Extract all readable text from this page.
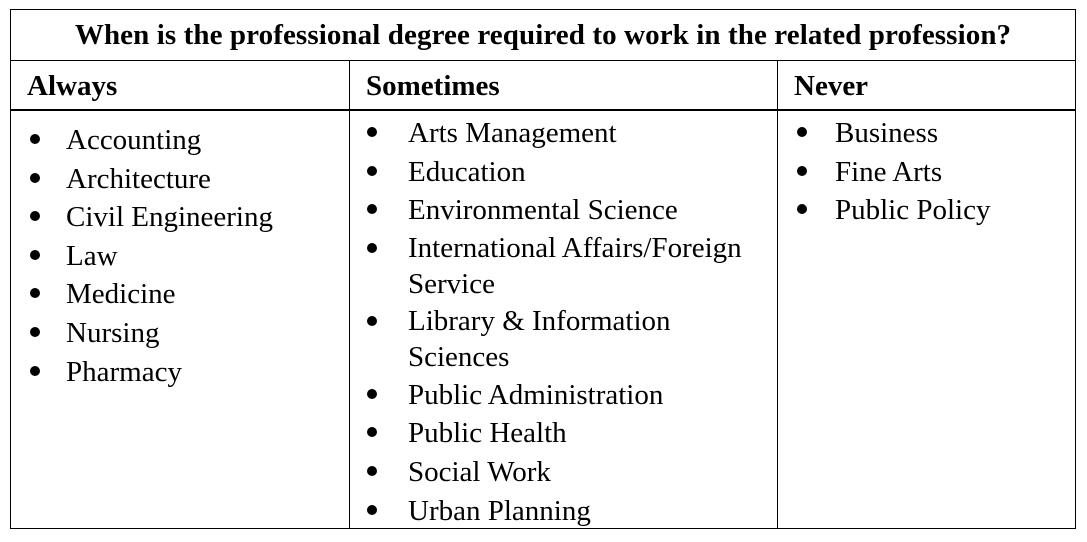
When is the professional degree required to work in the related profession?
Always	Sometimes	Never
Accounting
Architecture
Civil Engineering
Law
Medicine
Nursing
Pharmacy
Arts Management
Education
Environmental Science
International Affairs/Foreign Service
Library & Information Sciences
Public Administration
Public Health
Social Work
Urban Planning
Business
Fine Arts
Public Policy
